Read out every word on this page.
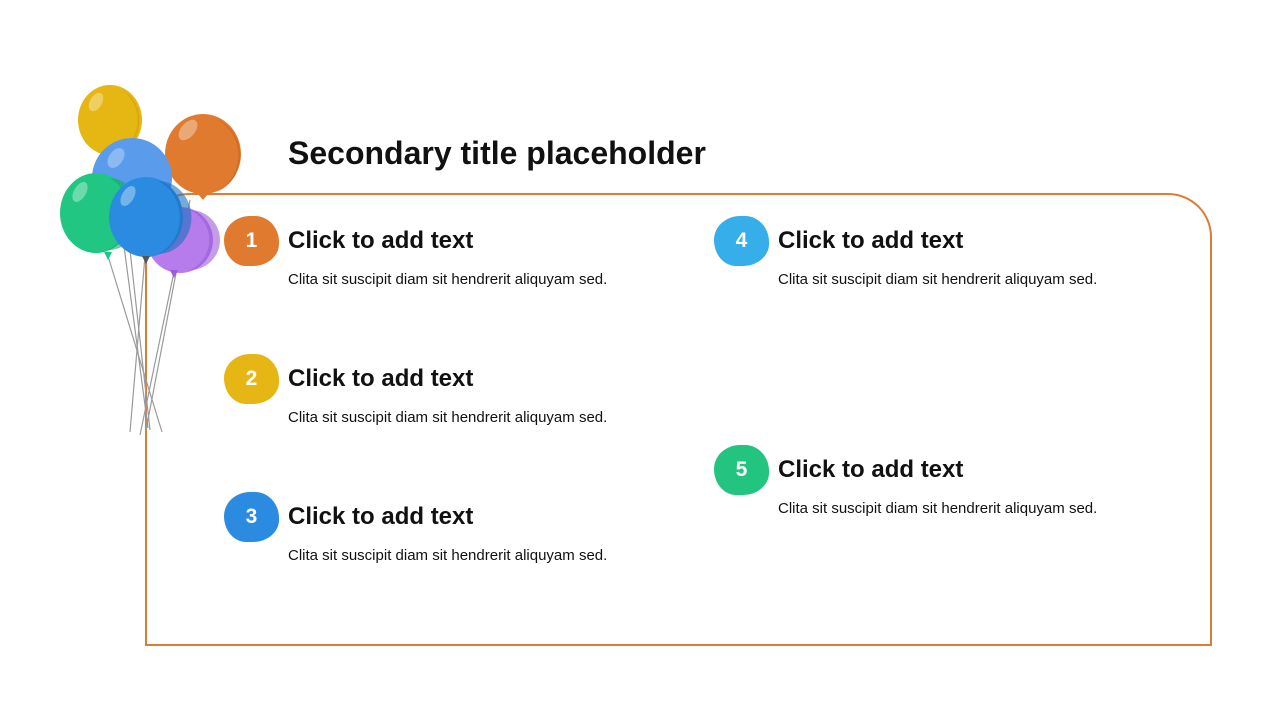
Secondary title placeholder
1	Click to add text
Clita sit suscipit diam sit hendrerit aliquyam sed.
2	Click to add text
Clita sit suscipit diam sit hendrerit aliquyam sed.
3	Click to add text
Clita sit suscipit diam sit hendrerit aliquyam sed.
4	Click to add text
Clita sit suscipit diam sit hendrerit aliquyam sed.
5	Click to add text
Clita sit suscipit diam sit hendrerit aliquyam sed.
